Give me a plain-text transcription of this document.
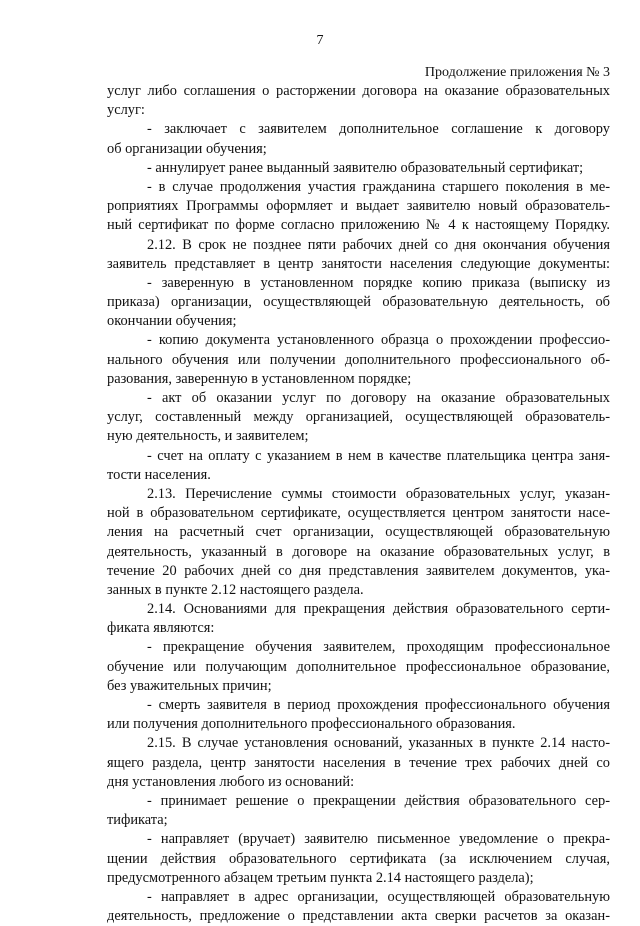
7
Продолжение приложения № 3
услуг либо соглашения о расторжении договора на оказание образовательных
услуг:
- заключает с заявителем дополнительное соглашение к договору
об организации обучения;
- аннулирует ранее выданный заявителю образовательный сертификат;
- в случае продолжения участия гражданина старшего поколения в ме-
роприятиях Программы оформляет и выдает заявителю новый образователь-
ный сертификат по форме согласно приложению № 4 к настоящему Порядку.
2.12. В срок не позднее пяти рабочих дней со дня окончания обучения
заявитель представляет в центр занятости населения следующие документы:
- заверенную в установленном порядке копию приказа (выписку из
приказа) организации, осуществляющей образовательную деятельность, об
окончании обучения;
- копию документа установленного образца о прохождении профессио-
нального обучения или получении дополнительного профессионального об-
разования, заверенную в установленном порядке;
- акт об оказании услуг по договору на оказание образовательных
услуг, составленный между организацией, осуществляющей образователь-
ную деятельность, и заявителем;
- счет на оплату с указанием в нем в качестве плательщика центра заня-
тости населения.
2.13. Перечисление суммы стоимости образовательных услуг, указан-
ной в образовательном сертификате, осуществляется центром занятости насе-
ления на расчетный счет организации, осуществляющей образовательную
деятельность, указанный в договоре на оказание образовательных услуг, в
течение 20 рабочих дней со дня представления заявителем документов, ука-
занных в пункте 2.12 настоящего раздела.
2.14. Основаниями для прекращения действия образовательного серти-
фиката являются:
- прекращение обучения заявителем, проходящим профессиональное
обучение или получающим дополнительное профессиональное образование,
без уважительных причин;
- смерть заявителя в период прохождения профессионального обучения
или получения дополнительного профессионального образования.
2.15. В случае установления оснований, указанных в пункте 2.14 насто-
ящего раздела, центр занятости населения в течение трех рабочих дней со
дня установления любого из оснований:
- принимает решение о прекращении действия образовательного сер-
тификата;
- направляет (вручает) заявителю письменное уведомление о прекра-
щении действия образовательного сертификата (за исключением случая,
предусмотренного абзацем третьим пункта 2.14 настоящего раздела);
- направляет в адрес организации, осуществляющей образовательную
деятельность, предложение о представлении акта сверки расчетов за оказан-
